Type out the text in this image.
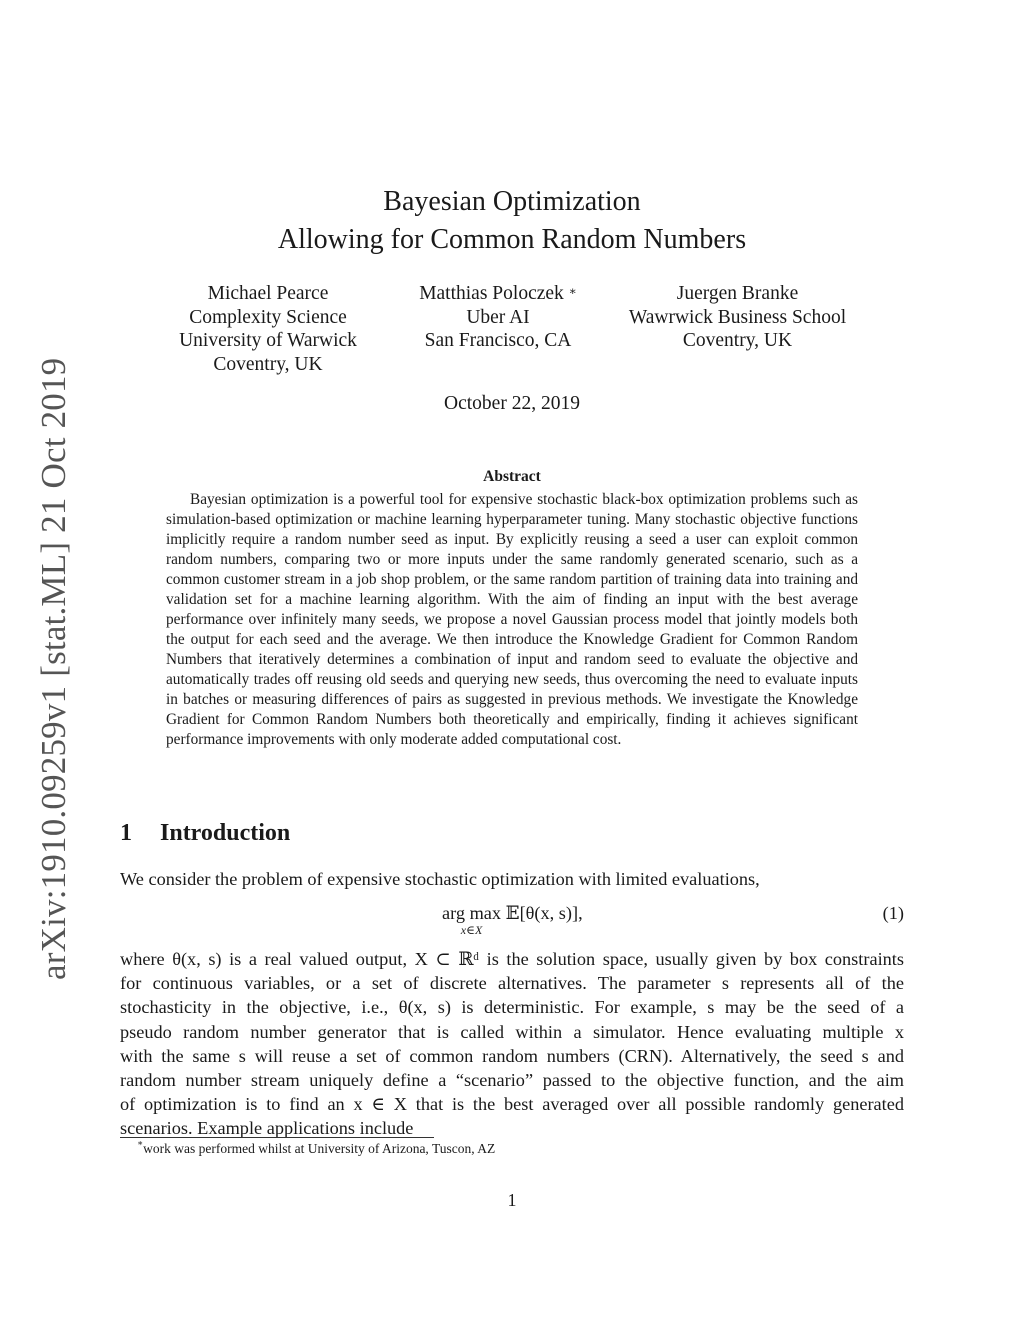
arXiv:1910.09259v1 [stat.ML] 21 Oct 2019
Bayesian Optimization
Allowing for Common Random Numbers
Michael Pearce
Complexity Science
University of Warwick
Coventry, UK
Matthias Poloczek ∗
Uber AI
San Francisco, CA
Juergen Branke
Wawrwick Business School
Coventry, UK
October 22, 2019
Abstract
Bayesian optimization is a powerful tool for expensive stochastic black-box optimization problems such as simulation-based optimization or machine learning hyperparameter tuning. Many stochastic objective functions implicitly require a random number seed as input. By explicitly reusing a seed a user can exploit common random numbers, comparing two or more inputs under the same randomly generated scenario, such as a common customer stream in a job shop problem, or the same random partition of training data into training and validation set for a machine learning algorithm. With the aim of finding an input with the best average performance over infinitely many seeds, we propose a novel Gaussian process model that jointly models both the output for each seed and the average. We then introduce the Knowledge Gradient for Common Random Numbers that iteratively determines a combination of input and random seed to evaluate the objective and automatically trades off reusing old seeds and querying new seeds, thus overcoming the need to evaluate inputs in batches or measuring differences of pairs as suggested in previous methods. We investigate the Knowledge Gradient for Common Random Numbers both theoretically and empirically, finding it achieves significant performance improvements with only moderate added computational cost.
1 Introduction
We consider the problem of expensive stochastic optimization with limited evaluations,
arg max
x∈X
𝔼[θ(x, s)],	(1)
where θ(x, s) is a real valued output, X ⊂ ℝᵈ is the solution space, usually given by box constraints
for continuous variables, or a set of discrete alternatives. The parameter s represents all of the
stochasticity in the objective, i.e., θ(x, s) is deterministic. For example, s may be the seed of a
pseudo random number generator that is called within a simulator. Hence evaluating multiple x
with the same s will reuse a set of common random numbers (CRN). Alternatively, the seed s and
random number stream uniquely define a “scenario” passed to the objective function, and the aim
of optimization is to find an x ∈ X that is the best averaged over all possible randomly generated
scenarios. Example applications include
∗work was performed whilst at University of Arizona, Tuscon, AZ
1
